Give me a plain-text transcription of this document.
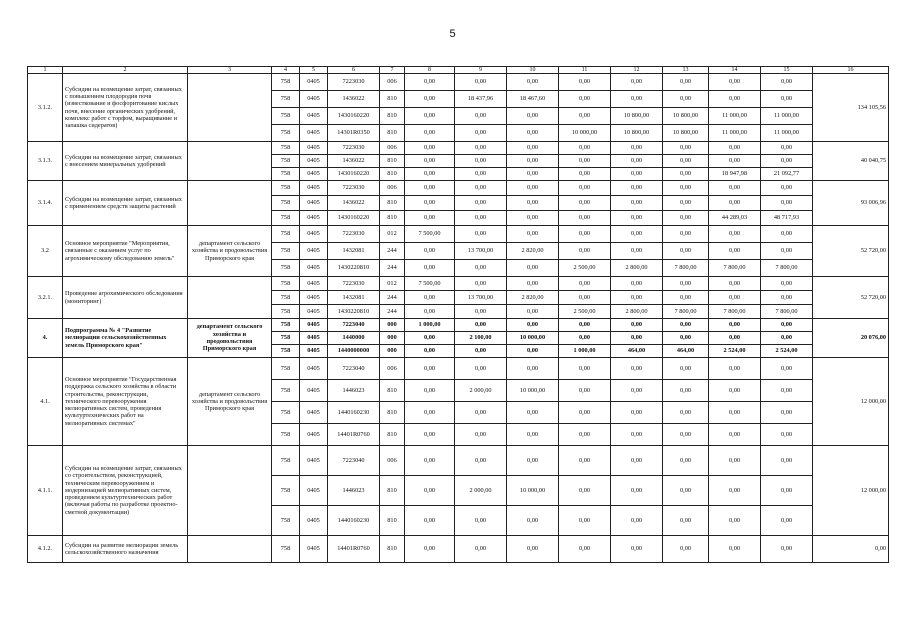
5
1	2	3	4	5	6	7	8	9	10	11	12	13	14	15	16
3.1.2.	Субсидии на возмещение затрат, связанных с повышением плодородия почв (известкование и фосфоритование кислых почв, внесение органических удобрений, комплекс работ с торфом, выращивание и запашка сидератов)		758	0405	7223030	006	0,00	0,00	0,00	0,00	0,00	0,00	0,00	0,00	134 105,56
			758	0405	1436022	810	0,00	18 437,96	18 467,60	0,00	0,00	0,00	0,00	0,00	
			758	0405	1430160220	810	0,00	0,00	0,00	0,00	10 800,00	10 800,00	11 000,00	11 000,00	
			758	0405	14301R0350	810	0,00	0,00	0,00	10 000,00	10 800,00	10 800,00	11 000,00	11 000,00	
3.1.3.	Субсидии на возмещение затрат, связанных с внесением минеральных удобрений		758	0405	7223030	006	0,00	0,00	0,00	0,00	0,00	0,00	0,00	0,00	40 040,75
			758	0405	1436022	810	0,00	0,00	0,00	0,00	0,00	0,00	0,00	0,00	
			758	0405	1430160220	810	0,00	0,00	0,00	0,00	0,00	0,00	18 947,98	21 092,77	
3.1.4.	Субсидии на возмещение затрат, связанных с применением средств защиты растений		758	0405	7223030	006	0,00	0,00	0,00	0,00	0,00	0,00	0,00	0,00	93 006,96
			758	0405	1436022	810	0,00	0,00	0,00	0,00	0,00	0,00	0,00	0,00	
			758	0405	1430160220	810	0,00	0,00	0,00	0,00	0,00	0,00	44 289,03	48 717,93	
3.2	Основное мероприятие "Мероприятия, связанные с оказанием услуг по агрохимическому обследованию земель"	департамент сельского хозяйства и продовольствия Приморского края	758	0405	7223030	012	7 500,00	0,00	0,00	0,00	0,00	0,00	0,00	0,00	52 720,00
			758	0405	1432081	244	0,00	13 700,00	2 820,00	0,00	0,00	0,00	0,00	0,00	
			758	0405	1430220810	244	0,00	0,00	0,00	2 500,00	2 800,00	7 800,00	7 800,00	7 800,00	
3.2.1.	Проведение агрохимического обследования (мониторинг)		758	0405	7223030	012	7 500,00	0,00	0,00	0,00	0,00	0,00	0,00	0,00	52 720,00
			758	0405	1432081	244	0,00	13 700,00	2 820,00	0,00	0,00	0,00	0,00	0,00	
			758	0405	1430220810	244	0,00	0,00	0,00	2 500,00	2 800,00	7 800,00	7 800,00	7 800,00	
4.	Подпрограмма № 4 "Развитие мелиорации сельскохозяйственных земель Приморского края"	департамент сельского хозяйства и продовольствия Приморского края	758	0405	7223040	000	1 000,00	0,00	0,00	0,00	0,00	0,00	0,00	0,00	20 076,00
			758	0405	1440000	000	0,00	2 100,00	10 000,00	0,00	0,00	0,00	0,00	0,00	
			758	0405	1440000000	000	0,00	0,00	0,00	1 000,00	464,00	464,00	2 524,00	2 524,00	
4.1.	Основное мероприятие "Государственная поддержка сельского хозяйства в области строительства, реконструкции, технического перевооружения мелиоративных систем, проведения культуртехнических работ на мелиоративных системах"	департамент сельского хозяйства и продовольствия Приморского края	758	0405	7223040	006	0,00	0,00	0,00	0,00	0,00	0,00	0,00	0,00	12 000,00
			758	0405	1446023	810	0,00	2 000,00	10 000,00	0,00	0,00	0,00	0,00	0,00	
			758	0405	1440160230	810	0,00	0,00	0,00	0,00	0,00	0,00	0,00	0,00	
			758	0405	14401R0760	810	0,00	0,00	0,00	0,00	0,00	0,00	0,00	0,00	
4.1.1.	Субсидии на возмещение затрат, связанных со строительством, реконструкцией, техническим перевооружением и модернизацией мелиоративных систем, проведением культуртехнических работ (включая работы по разработке проектно-сметной документации)		758	0405	7223040	006	0,00	0,00	0,00	0,00	0,00	0,00	0,00	0,00	12 000,00
			758	0405	1446023	810	0,00	2 000,00	10 000,00	0,00	0,00	0,00	0,00	0,00	
			758	0405	1440160230	810	0,00	0,00	0,00	0,00	0,00	0,00	0,00	0,00	
4.1.2.	Субсидии на развитие мелиорации земель сельскохозяйственного назначения		758	0405	14401R0760	810	0,00	0,00	0,00	0,00	0,00	0,00	0,00	0,00	0,00
